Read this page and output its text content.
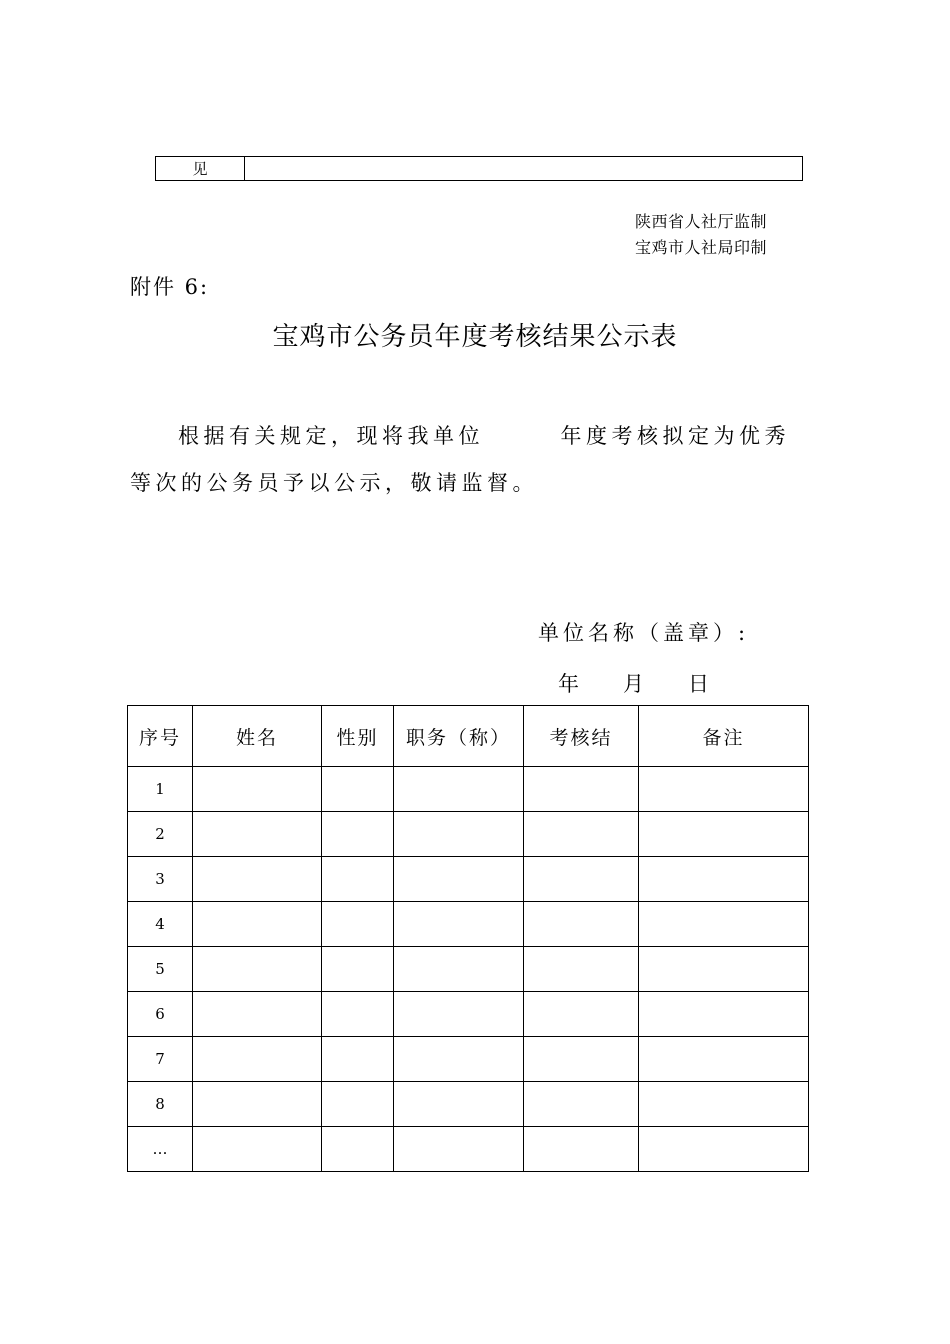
见
陕西省人社厅监制
宝鸡市人社局印制
附件 6:
宝鸡市公务员年度考核结果公示表
根据有关规定，现将我单位　　　年度考核拟定为优秀
等次的公务员予以公示，敬请监督。
单位名称（盖章）:
年 月 日
序号	姓名	性别	职务（称）	考核结	备注
1					
2					
3					
4					
5					
6					
7					
8					
…					
